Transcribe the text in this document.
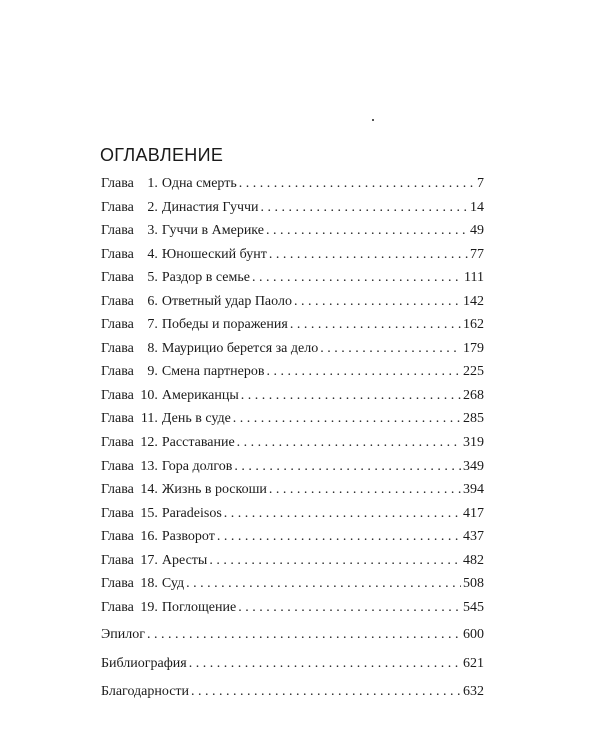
ОГЛАВЛЕНИЕ
Глава 1. Одна смерть . . .	7
Глава 2. Династия Гуччи . . .	14
Глава 3. Гуччи в Америке . . .	49
Глава 4. Юношеский бунт . . .	77
Глава 5. Раздор в семье . . .	111
Глава 6. Ответный удар Паоло . . .	142
Глава 7. Победы и поражения . . .	162
Глава 8. Маурицио берется за дело . . .	179
Глава 9. Смена партнеров . . .	225
Глава 10. Американцы . . .	268
Глава 11. День в суде . . .	285
Глава 12. Расставание . . .	319
Глава 13. Гора долгов . . .	349
Глава 14. Жизнь в роскоши . . .	394
Глава 15. Paradeisos . . .	417
Глава 16. Разворот . . .	437
Глава 17. Аресты . . .	482
Глава 18. Суд . . .	508
Глава 19. Поглощение . . .	545
Эпилог . . .	600
Библиография . . .	621
Благодарности . . .	632
